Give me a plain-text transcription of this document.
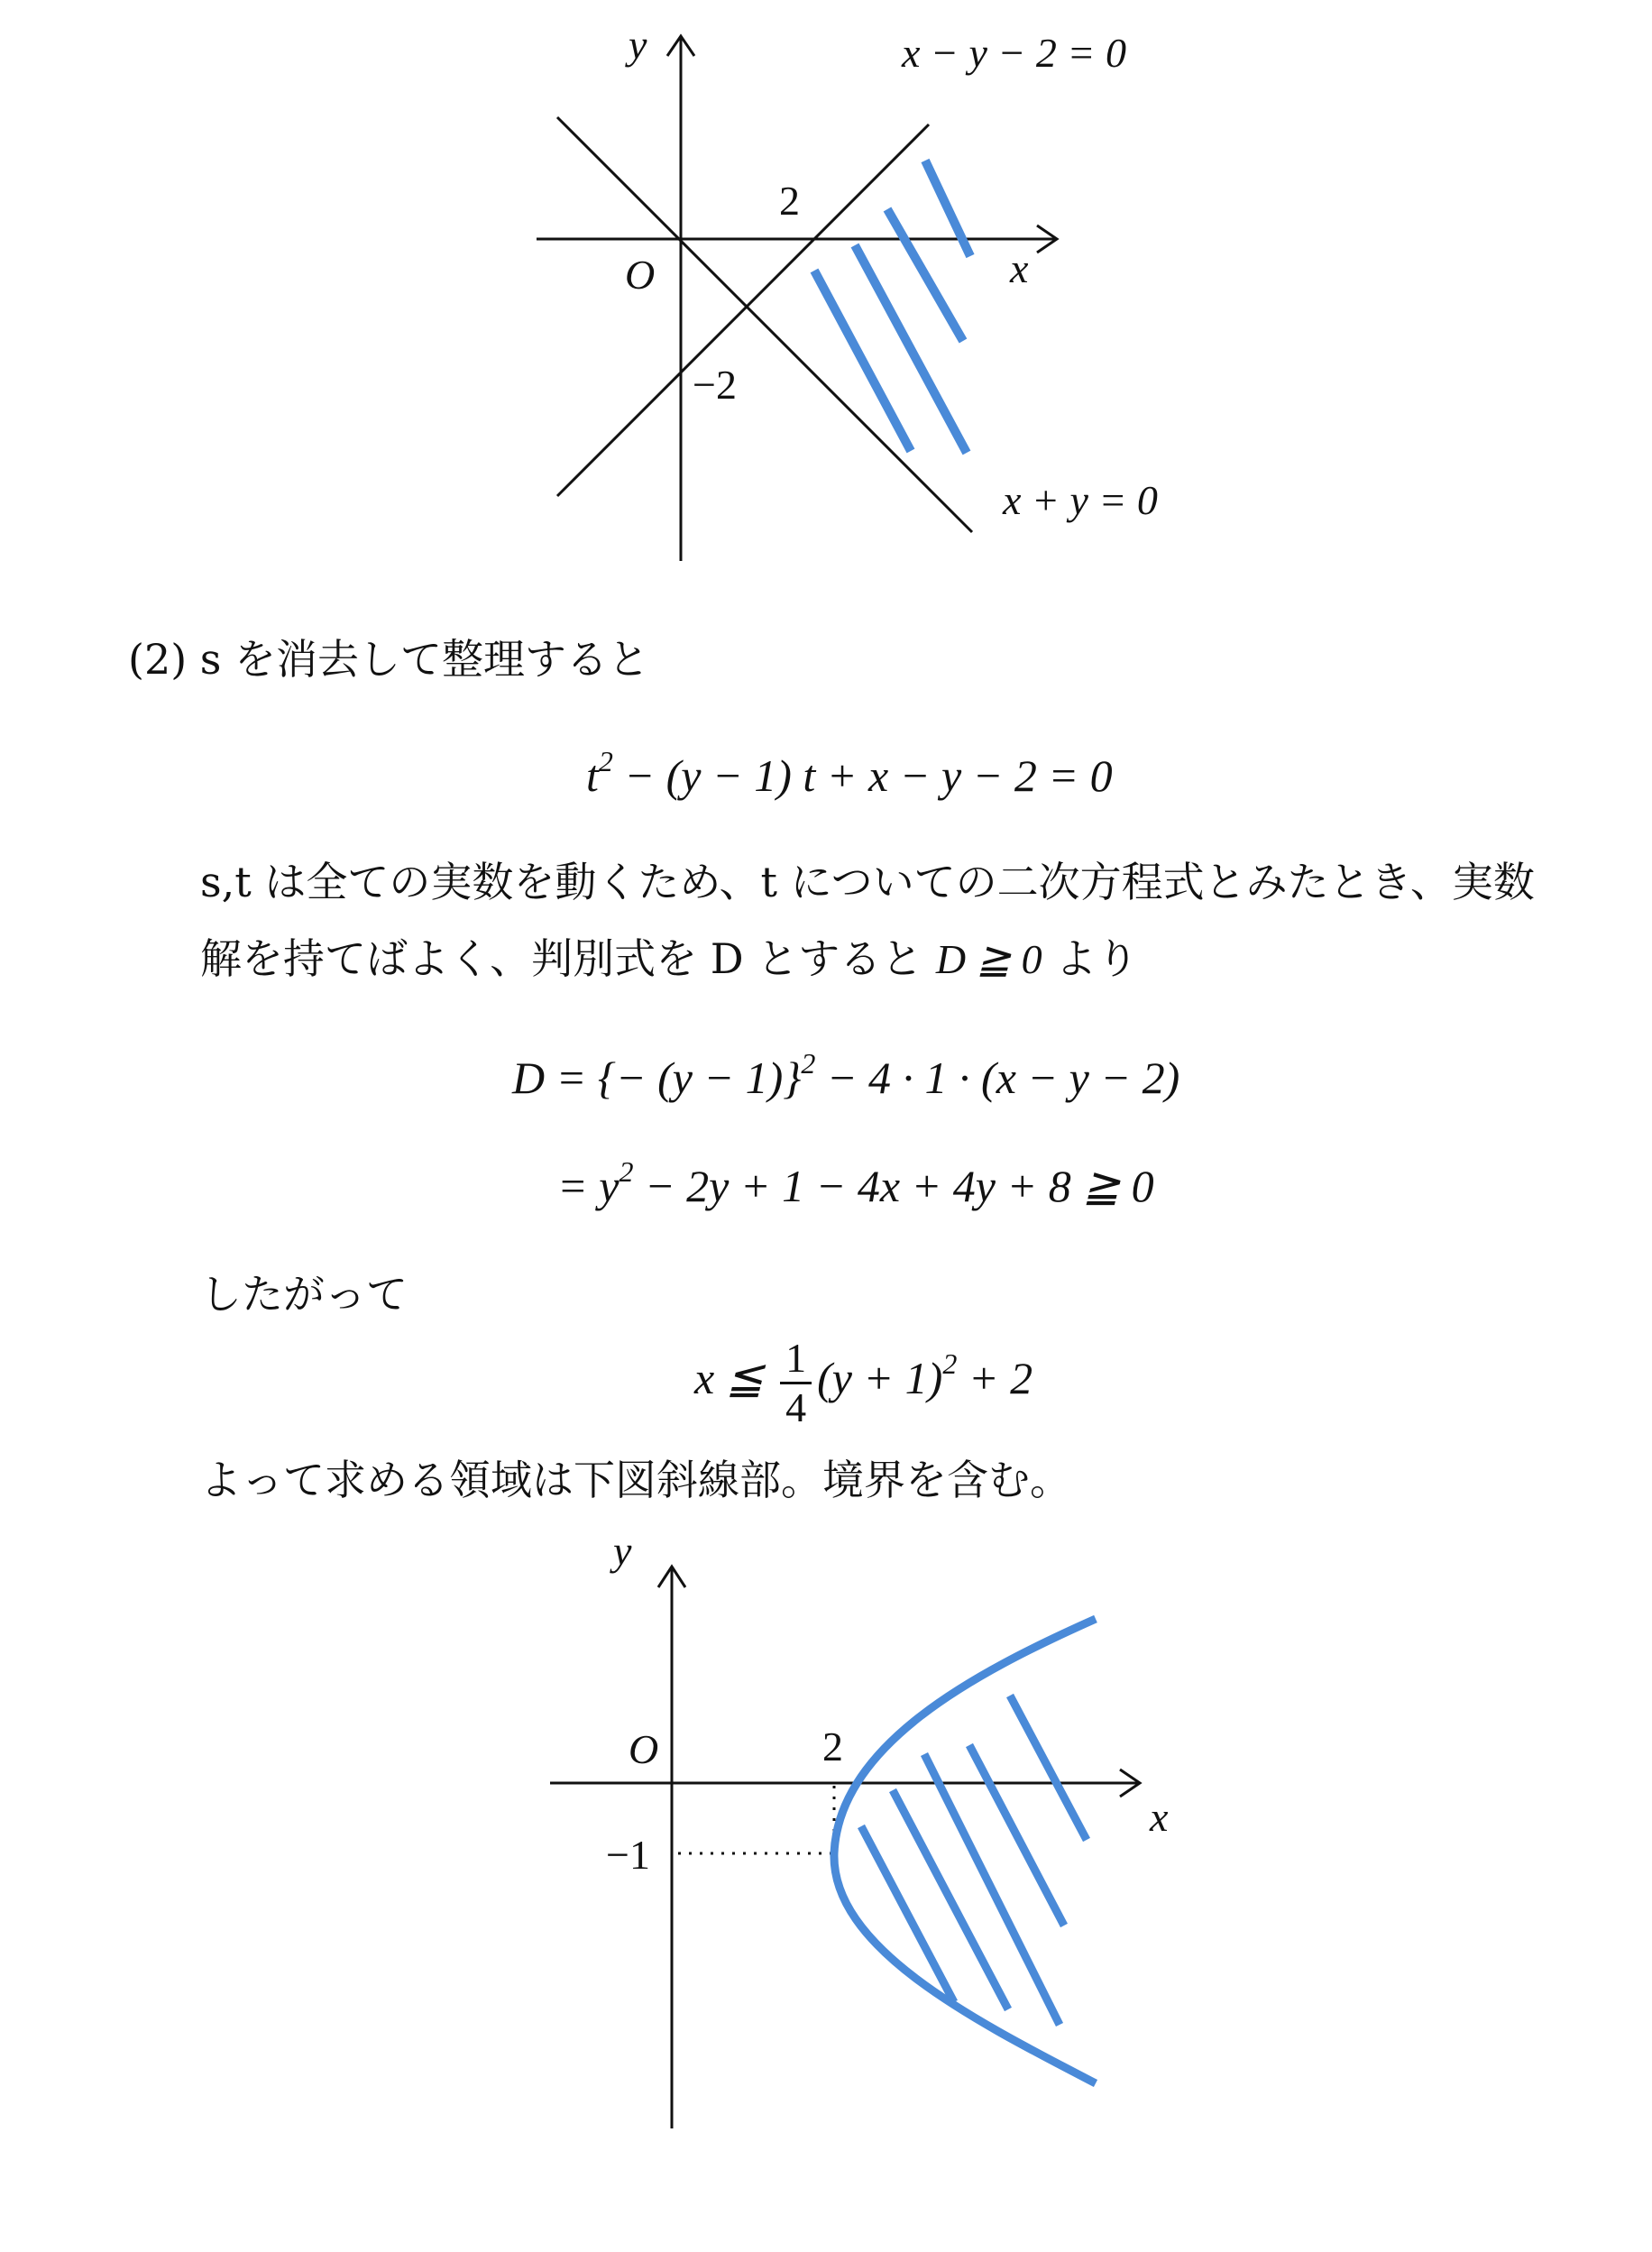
y
x
O
2
−2
x − y − 2 = 0
x + y = 0
(2) s を消去して整理すると
$t^2 - (y - 1) t + x - y - 2 = 0$
s,t は全ての実数を動くため、t についての二次方程式とみたとき、実数
解を持てばよく、判別式を D とすると D ≧ 0 より
D = {− (y − 1)}$^2$ − 4 · 1 · (x − y − 2)
= $y^2 - 2y + 1 - 4x + 4y + 8$ ≧ 0
したがって
x ≦ $\frac{1}{4} (y + 1)^2 + 2$
よって求める領域は下図斜線部。境界を含む。
y
x
O	2
−1
